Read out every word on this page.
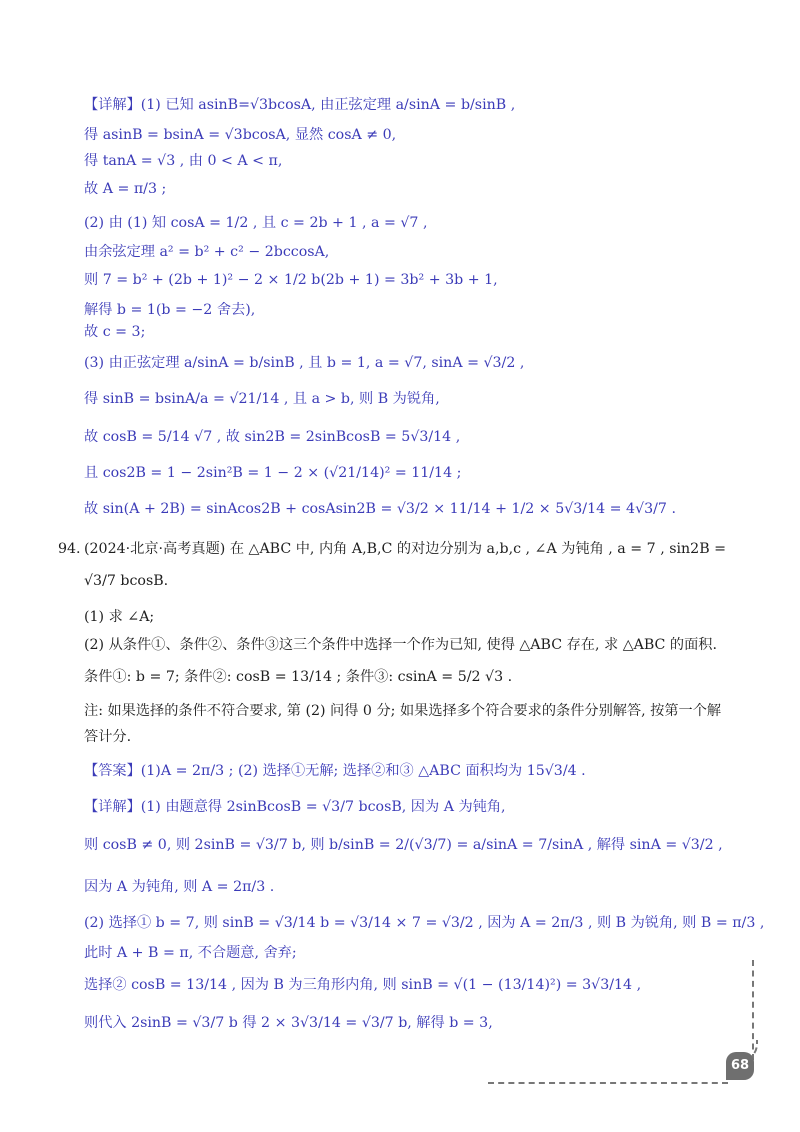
【详解】(1) 已知 asinB=√3bcosA, 由正弦定理 a/sinA = b/sinB ,
得 asinB = bsinA = √3bcosA, 显然 cosA ≠ 0,
得 tanA = √3 , 由 0 < A < π,
故 A = π/3 ;
(2) 由 (1) 知 cosA = 1/2 , 且 c = 2b + 1 , a = √7 ,
由余弦定理 a² = b² + c² − 2bccosA,
则 7 = b² + (2b + 1)² − 2 × 1/2 b(2b + 1) = 3b² + 3b + 1,
解得 b = 1(b = −2 舍去),
故 c = 3;
(3) 由正弦定理 a/sinA = b/sinB , 且 b = 1, a = √7, sinA = √3/2 ,
得 sinB = bsinA/a = √21/14 , 且 a > b, 则 B 为锐角,
故 cosB = 5/14 √7 , 故 sin2B = 2sinBcosB = 5√3/14 ,
且 cos2B = 1 − 2sin²B = 1 − 2 × (√21/14)² = 11/14 ;
故 sin(A + 2B) = sinAcos2B + cosAsin2B = √3/2 × 11/14 + 1/2 × 5√3/14 = 4√3/7 .
94. (2024·北京·高考真题) 在 △ABC 中, 内角 A,B,C 的对边分别为 a,b,c , ∠A 为钝角 , a = 7 , sin2B =
√3/7 bcosB.
(1) 求 ∠A;
(2) 从条件①、条件②、条件③这三个条件中选择一个作为已知, 使得 △ABC 存在, 求 △ABC 的面积.
条件①: b = 7; 条件②: cosB = 13/14 ; 条件③: csinA = 5/2 √3 .
注: 如果选择的条件不符合要求, 第 (2) 问得 0 分; 如果选择多个符合要求的条件分别解答, 按第一个解
答计分.
【答案】(1)A = 2π/3 ; (2) 选择①无解; 选择②和③ △ABC 面积均为 15√3/4 .
【详解】(1) 由题意得 2sinBcosB = √3/7 bcosB, 因为 A 为钝角,
则 cosB ≠ 0, 则 2sinB = √3/7 b, 则 b/sinB = 2/(√3/7) = a/sinA = 7/sinA , 解得 sinA = √3/2 ,
因为 A 为钝角, 则 A = 2π/3 .
(2) 选择① b = 7, 则 sinB = √3/14 b = √3/14 × 7 = √3/2 , 因为 A = 2π/3 , 则 B 为锐角, 则 B = π/3 ,
此时 A + B = π, 不合题意, 舍弃;
选择② cosB = 13/14 , 因为 B 为三角形内角, 则 sinB = √(1 − (13/14)²) = 3√3/14 ,
则代入 2sinB = √3/7 b 得 2 × 3√3/14 = √3/7 b, 解得 b = 3,
68
